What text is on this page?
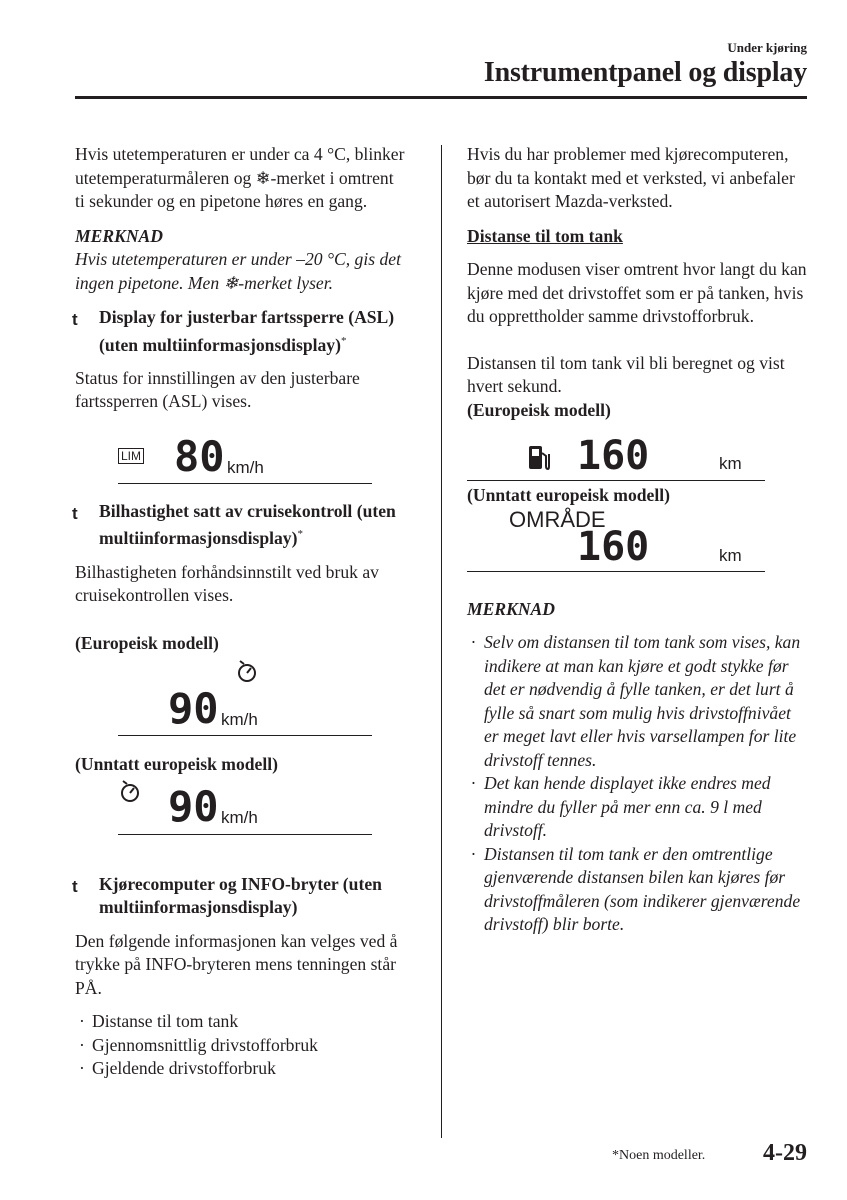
Under kjøring
Instrumentpanel og display

Hvis utetemperaturen er under ca 4 °C, blinker utetemperaturmåleren og ❄-merket i omtrent ti sekunder og en pipetone høres en gang.

MERKNAD

Hvis utetemperaturen er under –20 °C, gis det ingen pipetone. Men ❄-merket lyser.

t Display for justerbar fartssperre (ASL) (uten multiinformasjonsdisplay)*

Status for innstillingen av den justerbare fartssperren (ASL) vises.

LIM 80 km/h

t Bilhastighet satt av cruisekontroll (uten multiinformasjonsdisplay)*

Bilhastigheten forhåndsinnstilt ved bruk av cruisekontrollen vises.

(Europeisk modell)

90 km/h

(Unntatt europeisk modell)

90 km/h

t Kjørecomputer og INFO-bryter (uten multiinformasjonsdisplay)

Den følgende informasjonen kan velges ved å trykke på INFO-bryteren mens tenningen står PÅ.

· Distanse til tom tank
· Gjennomsnittlig drivstofforbruk
· Gjeldende drivstofforbruk

Hvis du har problemer med kjørecomputeren, bør du ta kontakt med et verksted, vi anbefaler et autorisert Mazda-verksted.

Distanse til tom tank

Denne modusen viser omtrent hvor langt du kan kjøre med det drivstoffet som er på tanken, hvis du opprettholder samme drivstofforbruk.

Distansen til tom tank vil bli beregnet og vist hvert sekund.

(Europeisk modell)

160	km

(Unntatt europeisk modell)

OMRÅDE
160	km

MERKNAD

· Selv om distansen til tom tank som vises, kan indikere at man kan kjøre et godt stykke før det er nødvendig å fylle tanken, er det lurt å fylle så snart som mulig hvis drivstoffnivået er meget lavt eller hvis varsellampen for lite drivstoff tennes.
· Det kan hende displayet ikke endres med mindre du fyller på mer enn ca. 9 l med drivstoff.
· Distansen til tom tank er den omtrentlige gjenværende distansen bilen kan kjøres før drivstoffmåleren (som indikerer gjenværende drivstoff) blir borte.
*Noen modeller. 4-29
